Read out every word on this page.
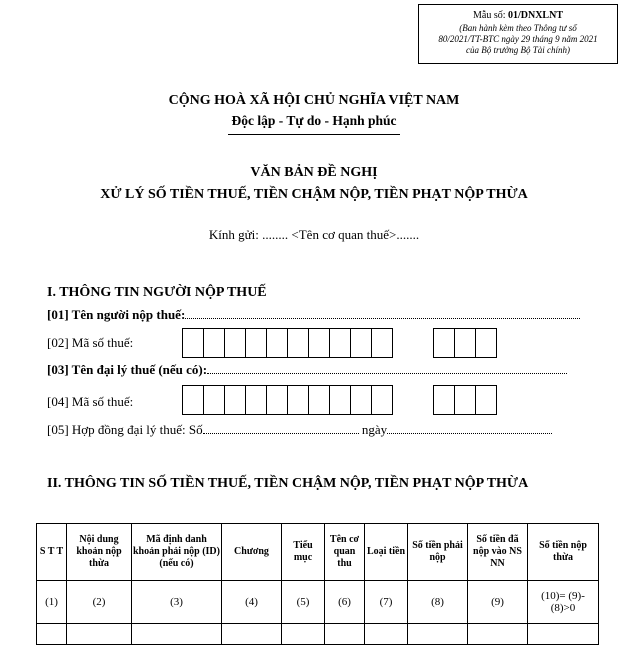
Mẫu số: 01/DNXLNT
(Ban hành kèm theo Thông tư số
80/2021/TT-BTC ngày 29 tháng 9 năm 2021
của Bộ trưởng Bộ Tài chính)
CỘNG HOÀ XÃ HỘI CHỦ NGHĨA VIỆT NAM
Độc lập - Tự do - Hạnh phúc
VĂN BẢN ĐỀ NGHỊ
XỬ LÝ SỐ TIỀN THUẾ, TIỀN CHẬM NỘP, TIỀN PHẠT NỘP THỪA
Kính gửi: ........ <Tên cơ quan thuế>.......
I. THÔNG TIN NGƯỜI NỘP THUẾ
[01] Tên người nộp thuế:
[02] Mã số thuế:
[03] Tên đại lý thuế (nếu có):
[04] Mã số thuế:
[05] Hợp đồng đại lý thuế: Số	ngày
II. THÔNG TIN SỐ TIỀN THUẾ, TIỀN CHẬM NỘP, TIỀN PHẠT NỘP THỪA
S T T	Nội dung khoản nộp thừa	Mã định danh khoản phải nộp (ID) (nếu có)	Chương	Tiểu mục	Tên cơ quan thu	Loại tiền	Số tiền phải nộp	Số tiền đã nộp vào NS NN	Số tiền nộp thừa
(1)	(2)	(3)	(4)	(5)	(6)	(7)	(8)	(9)	(10)= (9)-(8)>0
